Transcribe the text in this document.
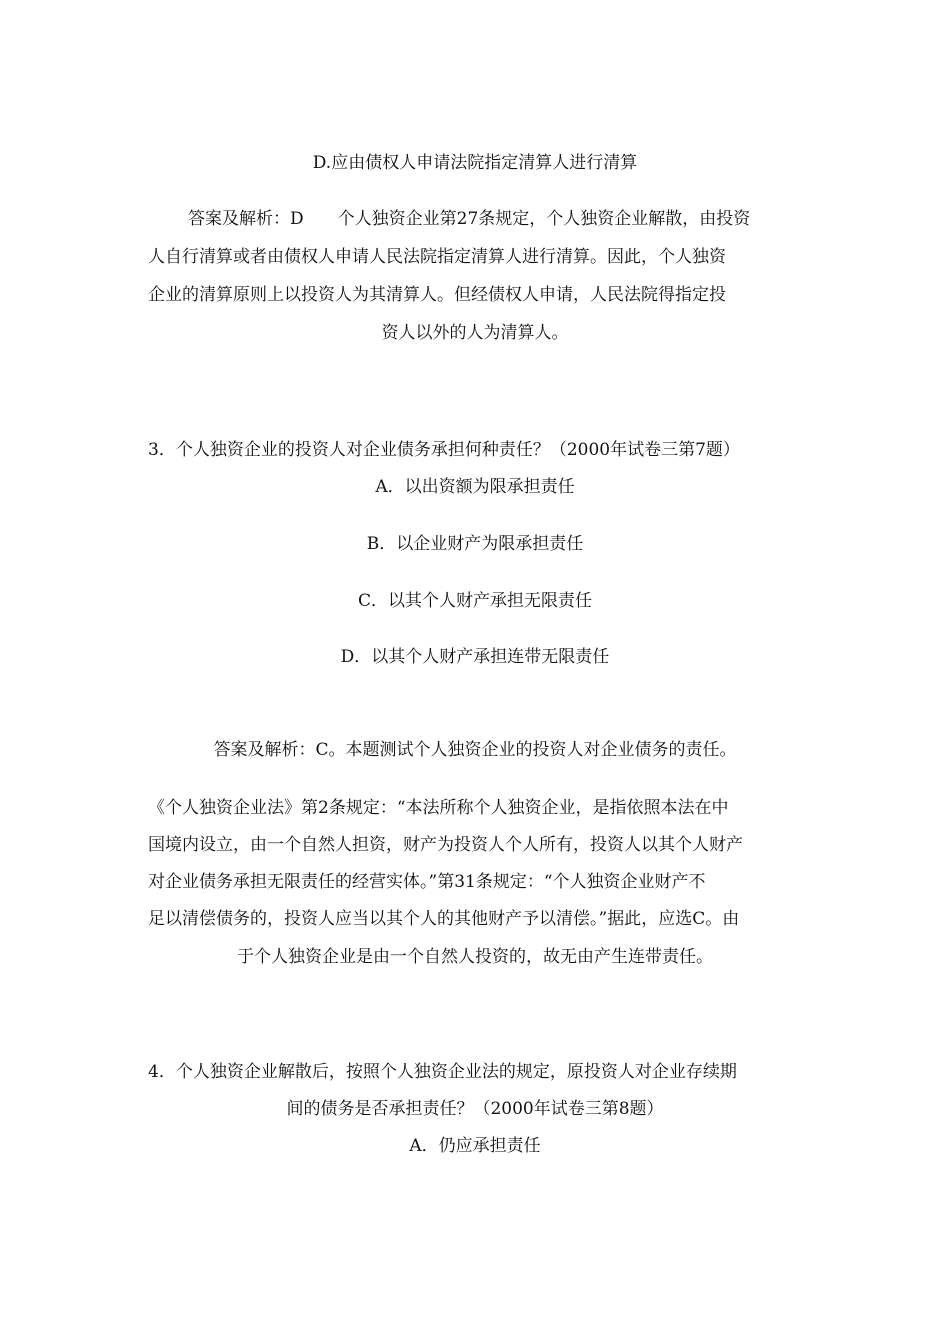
D.应由债权人申请法院指定清算人进行清算
答案及解析：D　　个人独资企业第27条规定，个人独资企业解散，由投资
人自行清算或者由债权人申请人民法院指定清算人进行清算。因此，个人独资
企业的清算原则上以投资人为其清算人。但经债权人申请，人民法院得指定投
资人以外的人为清算人。
3．个人独资企业的投资人对企业债务承担何种责任？（2000年试卷三第7题）
A．以出资额为限承担责任
B．以企业财产为限承担责任
C．以其个人财产承担无限责任
D．以其个人财产承担连带无限责任
答案及解析：C。本题测试个人独资企业的投资人对企业债务的责任。
《个人独资企业法》第2条规定：“本法所称个人独资企业，是指依照本法在中
国境内设立，由一个自然人担资，财产为投资人个人所有，投资人以其个人财产
对企业债务承担无限责任的经营实体。”第31条规定：“个人独资企业财产不
足以清偿债务的，投资人应当以其个人的其他财产予以清偿。”据此，应选C。由
于个人独资企业是由一个自然人投资的，故无由产生连带责任。
4．个人独资企业解散后，按照个人独资企业法的规定，原投资人对企业存续期
间的债务是否承担责任？（2000年试卷三第8题）
A．仍应承担责任
